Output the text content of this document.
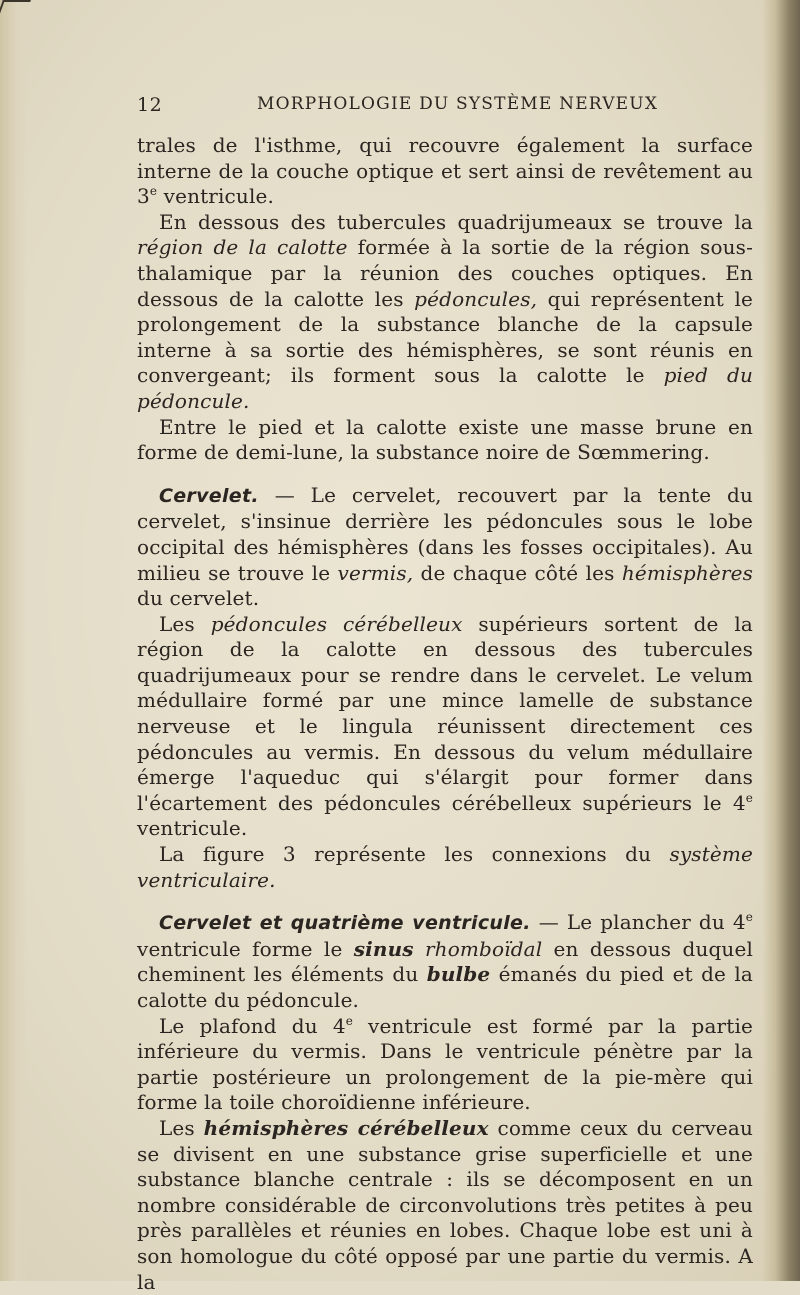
12	MORPHOLOGIE DU SYSTÈME NERVEUX

trales de l'isthme, qui recouvre également la surface interne de la couche optique et sert ainsi de revêtement au 3e ventricule.

En dessous des tubercules quadrijumeaux se trouve la région de la calotte formée à la sortie de la région sous-thalamique par la réunion des couches optiques. En dessous de la calotte les pédoncules, qui représentent le prolongement de la substance blanche de la capsule interne à sa sortie des hémisphères, se sont réunis en convergeant; ils forment sous la calotte le pied du pédoncule.

Entre le pied et la calotte existe une masse brune en forme de demi-lune, la substance noire de Sœmmering.

Cervelet. — Le cervelet, recouvert par la tente du cervelet, s'insinue derrière les pédoncules sous le lobe occipital des hémisphères (dans les fosses occipitales). Au milieu se trouve le vermis, de chaque côté les hémisphères du cervelet.

Les pédoncules cérébelleux supérieurs sortent de la région de la calotte en dessous des tubercules quadrijumeaux pour se rendre dans le cervelet. Le velum médullaire formé par une mince lamelle de substance nerveuse et le lingula réunissent directement ces pédoncules au vermis. En dessous du velum médullaire émerge l'aqueduc qui s'élargit pour former dans l'écartement des pédoncules cérébelleux supérieurs le 4e ventricule.

La figure 3 représente les connexions du système ventriculaire.

Cervelet et quatrième ventricule. — Le plancher du 4e ventricule forme le sinus rhomboïdal en dessous duquel cheminent les éléments du bulbe émanés du pied et de la calotte du pédoncule.

Le plafond du 4e ventricule est formé par la partie inférieure du vermis. Dans le ventricule pénètre par la partie postérieure un prolongement de la pie-mère qui forme la toile choroïdienne inférieure.

Les hémisphères cérébelleux comme ceux du cerveau se divisent en une substance grise superficielle et une substance blanche centrale : ils se décomposent en un nombre considérable de circonvolutions très petites à peu près parallèles et réunies en lobes. Chaque lobe est uni à son homologue du côté opposé par une partie du vermis. A la
